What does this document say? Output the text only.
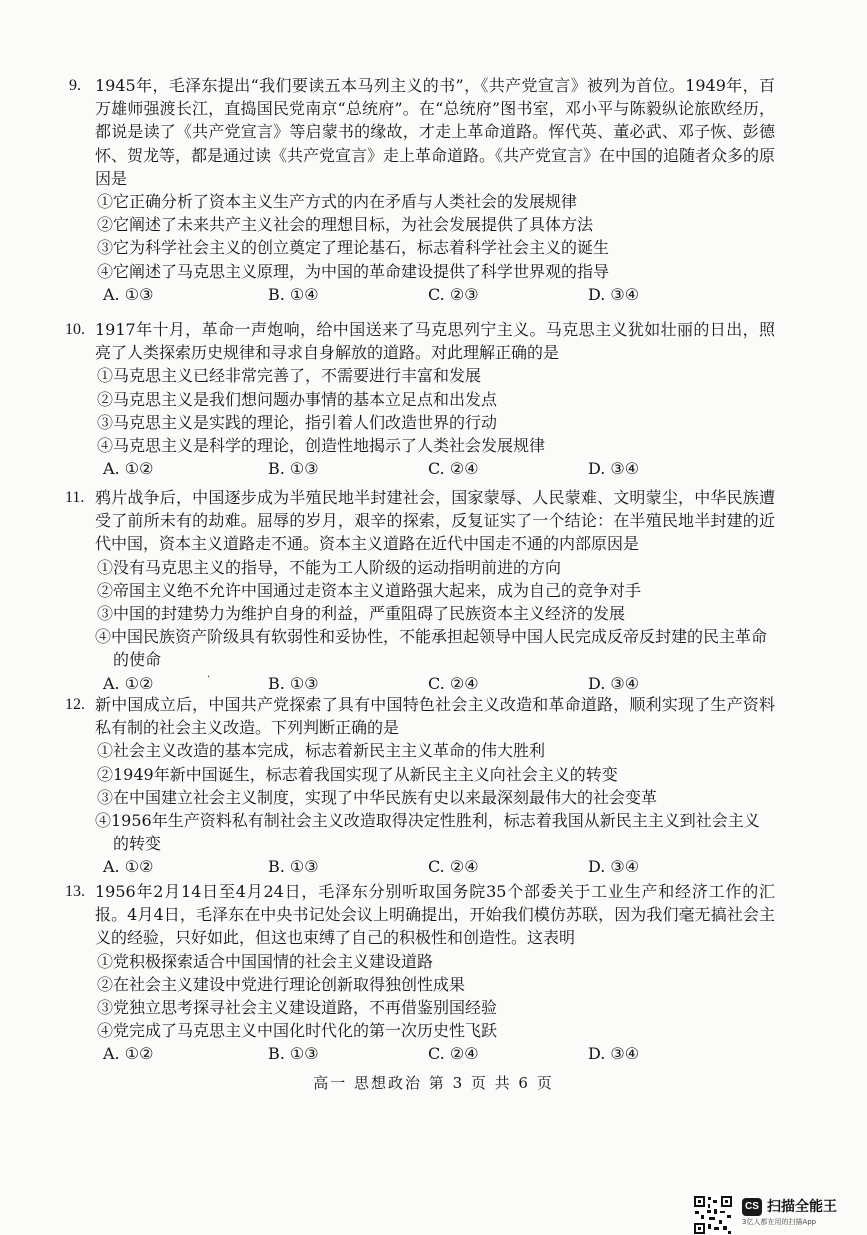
9. 1945年，毛泽东提出“我们要读五本马列主义的书”，《共产党宣言》被列为首位。1949年，百万雄师强渡长江，直捣国民党南京“总统府”。在“总统府”图书室，邓小平与陈毅纵论旅欧经历，都说是读了《共产党宣言》等启蒙书的缘故，才走上革命道路。恽代英、董必武、邓子恢、彭德怀、贺龙等，都是通过读《共产党宣言》走上革命道路。《共产党宣言》在中国的追随者众多的原因是
①它正确分析了资本主义生产方式的内在矛盾与人类社会的发展规律
②它阐述了未来共产主义社会的理想目标，为社会发展提供了具体方法
③它为科学社会主义的创立奠定了理论基石，标志着科学社会主义的诞生
④它阐述了马克思主义原理，为中国的革命建设提供了科学世界观的指导
A. ①③	B. ①④	C. ②③	D. ③④
10. 1917年十月，革命一声炮响，给中国送来了马克思列宁主义。马克思主义犹如壮丽的日出，照亮了人类探索历史规律和寻求自身解放的道路。对此理解正确的是
①马克思主义已经非常完善了，不需要进行丰富和发展
②马克思主义是我们想问题办事情的基本立足点和出发点
③马克思主义是实践的理论，指引着人们改造世界的行动
④马克思主义是科学的理论，创造性地揭示了人类社会发展规律
A. ①②	B. ①③	C. ②④	D. ③④
11. 鸦片战争后，中国逐步成为半殖民地半封建社会，国家蒙辱、人民蒙难、文明蒙尘，中华民族遭受了前所未有的劫难。屈辱的岁月，艰辛的探索，反复证实了一个结论：在半殖民地半封建的近代中国，资本主义道路走不通。资本主义道路在近代中国走不通的内部原因是
①没有马克思主义的指导，不能为工人阶级的运动指明前进的方向
②帝国主义绝不允许中国通过走资本主义道路强大起来，成为自己的竞争对手
③中国的封建势力为维护自身的利益，严重阻碍了民族资本主义经济的发展
④中国民族资产阶级具有软弱性和妥协性，不能承担起领导中国人民完成反帝反封建的民主革命的使命
A. ①②	B. ①③	C. ②④	D. ③④
12. 新中国成立后，中国共产党探索了具有中国特色社会主义改造和革命道路，顺利实现了生产资料私有制的社会主义改造。下列判断正确的是
①社会主义改造的基本完成，标志着新民主主义革命的伟大胜利
②1949年新中国诞生，标志着我国实现了从新民主主义向社会主义的转变
③在中国建立社会主义制度，实现了中华民族有史以来最深刻最伟大的社会变革
④1956年生产资料私有制社会主义改造取得决定性胜利，标志着我国从新民主主义到社会主义的转变
A. ①②	B. ①③	C. ②④	D. ③④
13. 1956年2月14日至4月24日，毛泽东分别听取国务院35个部委关于工业生产和经济工作的汇报。4月4日，毛泽东在中央书记处会议上明确提出，开始我们模仿苏联，因为我们毫无搞社会主义的经验，只好如此，但这也束缚了自己的积极性和创造性。这表明
①党积极探索适合中国国情的社会主义建设道路
②在社会主义建设中党进行理论创新取得独创性成果
③党独立思考探寻社会主义建设道路，不再借鉴别国经验
④党完成了马克思主义中国化时代化的第一次历史性飞跃
A. ①②	B. ①③	C. ②④	D. ③④
·
高一 思想政治 第 3 页 共 6 页
CS 扫描全能王
3亿人都在用的扫描App
